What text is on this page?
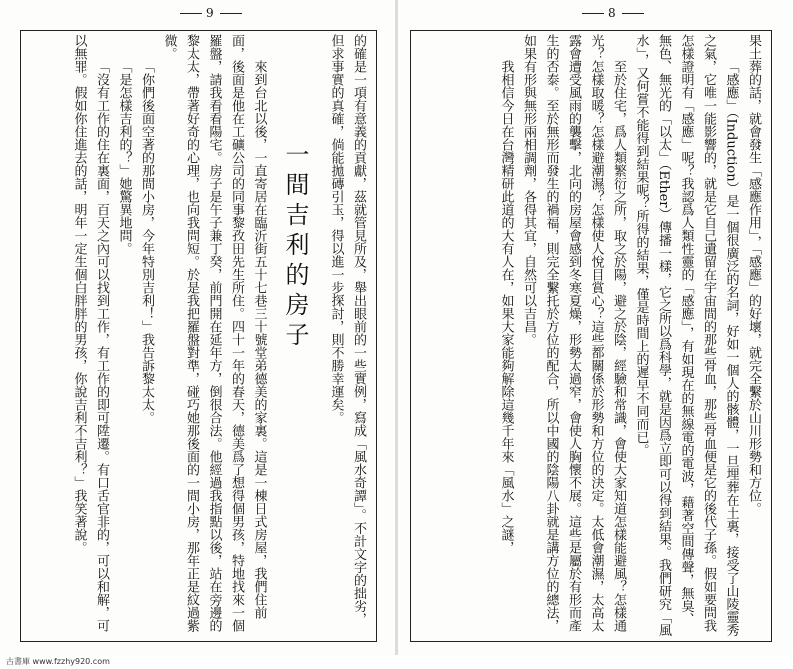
9	8

的確是一項有意義的貢獻，茲就管見所及，舉出眼前的一些實例，寫成「風水奇譚」。不計文字的拙劣，但求事實的真確，倘能拋磚引玉，得以進一步探討，則不勝幸運矣。

一間吉利的房子

來到台北以後，一直寄居在臨沂街五十七巷三十號堂弟德美的家裏。這是一棟日式房屋，我們住前面，後面是他在工礦公司的同事黎孜田先生所住。四十一年的春天，德美爲了想得個男孩，特地找來一個羅盤，請我看看陽宅。房子是午子兼丁癸，前門開在延年方，倒很合法。他經過我指點以後，站在旁邊的黎太太，帶著好奇的心理，也向我問短。於是我把羅盤對準，碰巧她那後面的一間小房，那年正是紋過紫微。

「你們後面空著的那間小房，今年特別吉利！」我告訴黎太太。

「是怎樣吉利的？」她驚異地問。

「沒有工作的住在裏面，百天之內可以找到工作，有工作的即可陞遷。有口舌官非的，可以和解，可以無罪。假如你住進去的話，明年一定生個白胖胖的男孩，你說吉利不吉利？」我笑著說。	果土葬的話，就會發生「感應作用」，「感應」的好壞，就完全繫於山川形勢和方位。

「感應」（Induction）是一個很廣泛的名詞，好如一個人的骸體，一旦埋葬在土裏，接受了山陵靈秀之氣，它唯一能影響的，就是它自己遺留在宇宙間的那些骨血，那些骨血便是它的後代子孫。假如要問我怎樣證明有「感應」呢？我認爲人類性靈的「感應」，有如現在的無線電的電波，藉著空間傳聲，無臭、無色、無光的「以太」（Ether）傳播一樣，它之所以爲科學，就是因爲立即可以得到結果。我們研究「風水」，又何嘗不能得到結果呢？所得的結果，僅是時間上的遲早不同而已。

至於住宅，爲人類繁衍之所，取之於陽，避之於陰，經驗和常識，會使大家知道怎樣能避風？怎樣通光？怎樣取暖？怎樣避潮濕？怎樣使人悅目賞心？這些都關係於形勢和方位的決定。太低會潮濕，太高太露會遭受風雨的襲擊，北向的房屋會感到冬寒夏燥，形勢太過窄，會使人胸懷不展。這些是屬於有形而產生的否泰。至於無形而發生的禍福，則完全繫托於方位的配合，所以中國的陰陽八卦就是講方位的總法，如果有形與無形兩相調劑，各得其宜，自然可以吉昌。

我相信今日在台灣精研此道的大有人在，如果大家能夠解除這幾千年來「風水」之謎，

古書庫 www.fzzhy920.com
